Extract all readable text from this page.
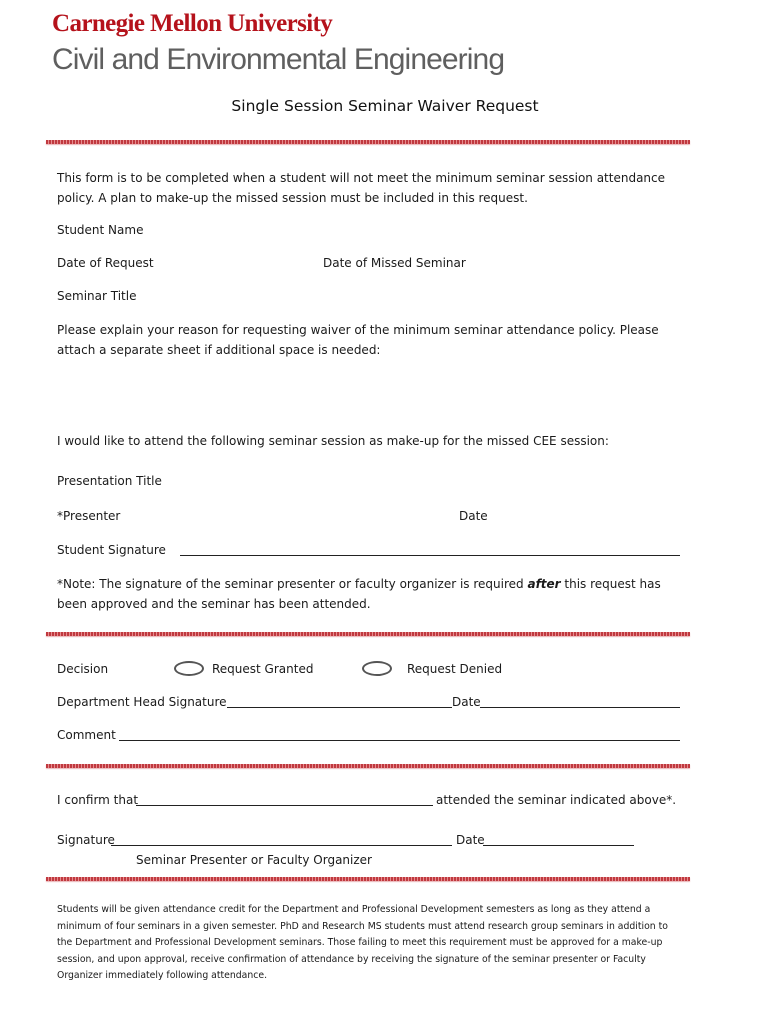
Carnegie Mellon University
Civil and Environmental Engineering
Single Session Seminar Waiver Request
This form is to be completed when a student will not meet the minimum seminar session attendance policy. A plan to make-up the missed session must be included in this request.
Student Name
Date of Request	Date of Missed Seminar
Seminar Title
Please explain your reason for requesting waiver of the minimum seminar attendance policy. Please attach a separate sheet if additional space is needed:
I would like to attend the following seminar session as make-up for the missed CEE session:
Presentation Title
*Presenter	Date
Student Signature
*Note: The signature of the seminar presenter or faculty organizer is required after this request has been approved and the seminar has been attended.
Decision	Request Granted	Request Denied
Department Head Signature	Date
Comment
I confirm that	attended the seminar indicated above*.
Signature	Date
Seminar Presenter or Faculty Organizer
Students will be given attendance credit for the Department and Professional Development semesters as long as they attend a minimum of four seminars in a given semester. PhD and Research MS students must attend research group seminars in addition to the Department and Professional Development seminars. Those failing to meet this requirement must be approved for a make-up session, and upon approval, receive confirmation of attendance by receiving the signature of the seminar presenter or Faculty Organizer immediately following attendance.
